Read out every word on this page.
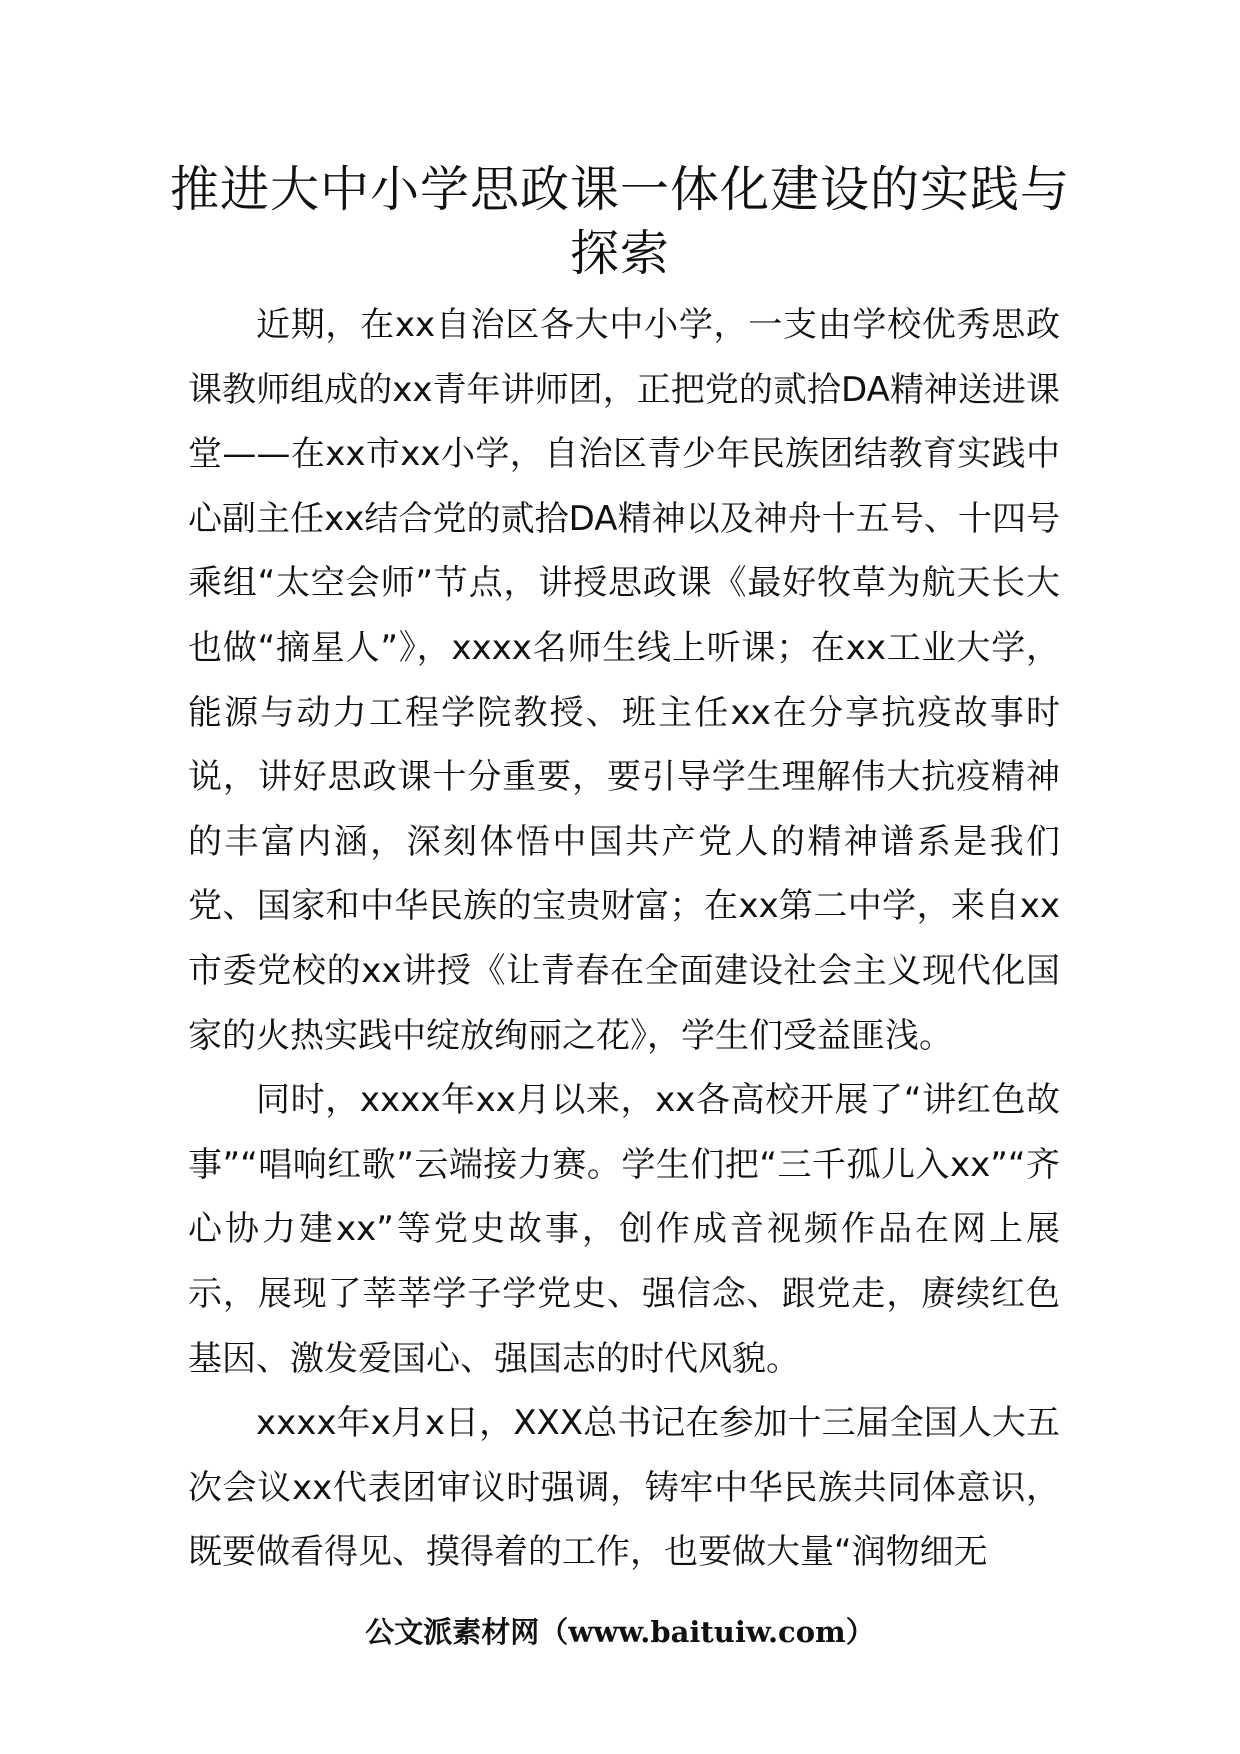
推进大中小学思政课一体化建设的实践与探索

近期，在xx自治区各大中小学，一支由学校优秀思政课教师组成的xx青年讲师团，正把党的贰拾DA精神送进课堂——在xx市xx小学，自治区青少年民族团结教育实践中心副主任xx结合党的贰拾DA精神以及神舟十五号、十四号乘组“太空会师”节点，讲授思政课《最好牧草为航天长大也做“摘星人”》，xxxx名师生线上听课；在xx工业大学，能源与动力工程学院教授、班主任xx在分享抗疫故事时说，讲好思政课十分重要，要引导学生理解伟大抗疫精神的丰富内涵，深刻体悟中国共产党人的精神谱系是我们党、国家和中华民族的宝贵财富；在xx第二中学，来自xx市委党校的xx讲授《让青春在全面建设社会主义现代化国家的火热实践中绽放绚丽之花》，学生们受益匪浅。

同时，xxxx年xx月以来，xx各高校开展了“讲红色故事”“唱响红歌”云端接力赛。学生们把“三千孤儿入xx”“齐心协力建xx”等党史故事，创作成音视频作品在网上展示，展现了莘莘学子学党史、强信念、跟党走，赓续红色基因、激发爱国心、强国志的时代风貌。

xxxx年x月x日，XXX总书记在参加十三届全国人大五次会议xx代表团审议时强调，铸牢中华民族共同体意识，既要做看得见、摸得着的工作，也要做大量“润物细无

公文派素材网（www.baituiw.com）
